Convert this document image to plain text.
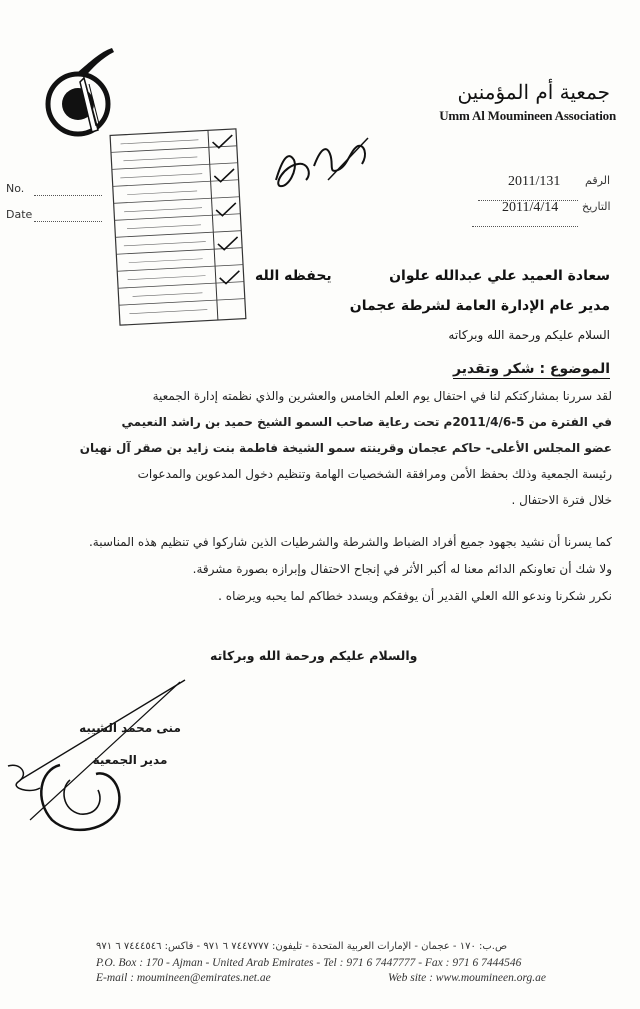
جمعية أم المؤمنين
Umm Al Moumineen Association
No.
Date
الرقم
2011/131
التاريخ
2011/4/14
سعادة العميد علي عبدالله علوان
يحفظه الله
مدير عام الإدارة العامة لشرطة عجمان
السلام عليكم ورحمة الله وبركاته
الموضوع : شكر وتقدير
لقد سررنا بمشاركتكم لنا في احتفال يوم العلم الخامس والعشرين والذي نظمته إدارة الجمعية
في الفترة من 5-2011/4/6م تحت رعاية صاحب السمو الشيخ حميد بن راشد النعيمي
عضو المجلس الأعلى- حاكم عجمان وقرينته سمو الشيخة فاطمة بنت زايد بن صقر آل نهيان
رئيسة الجمعية وذلك بحفظ الأمن ومرافقة الشخصيات الهامة وتنظيم دخول المدعوين والمدعوات
خلال فترة الاحتفال .
كما يسرنا أن نشيد بجهود جميع أفراد الضباط والشرطة والشرطيات الذين شاركوا في تنظيم هذه المناسبة.
ولا شك أن تعاونكم الدائم معنا له أكبر الأثر في إنجاح الاحتفال وإبرازه بصورة مشرقة.
نكرر شكرنا وندعو الله العلي القدير أن يوفقكم ويسدد خطاكم لما يحبه ويرضاه .
والسلام عليكم ورحمة الله وبركاته
منى محمد الشيبه
مدير الجمعية
ص.ب: ١٧٠ - عجمان - الإمارات العربية المتحدة - تليفون: ٧٤٤٧٧٧٧ ٦ ٩٧١ - فاكس: ٧٤٤٤٥٤٦ ٦ ٩٧١
P.O. Box : 170 - Ajman - United Arab Emirates - Tel : 971 6 7447777 - Fax : 971 6 7444546
E-mail : moumineen@emirates.net.ae	Web site : www.moumineen.org.ae
